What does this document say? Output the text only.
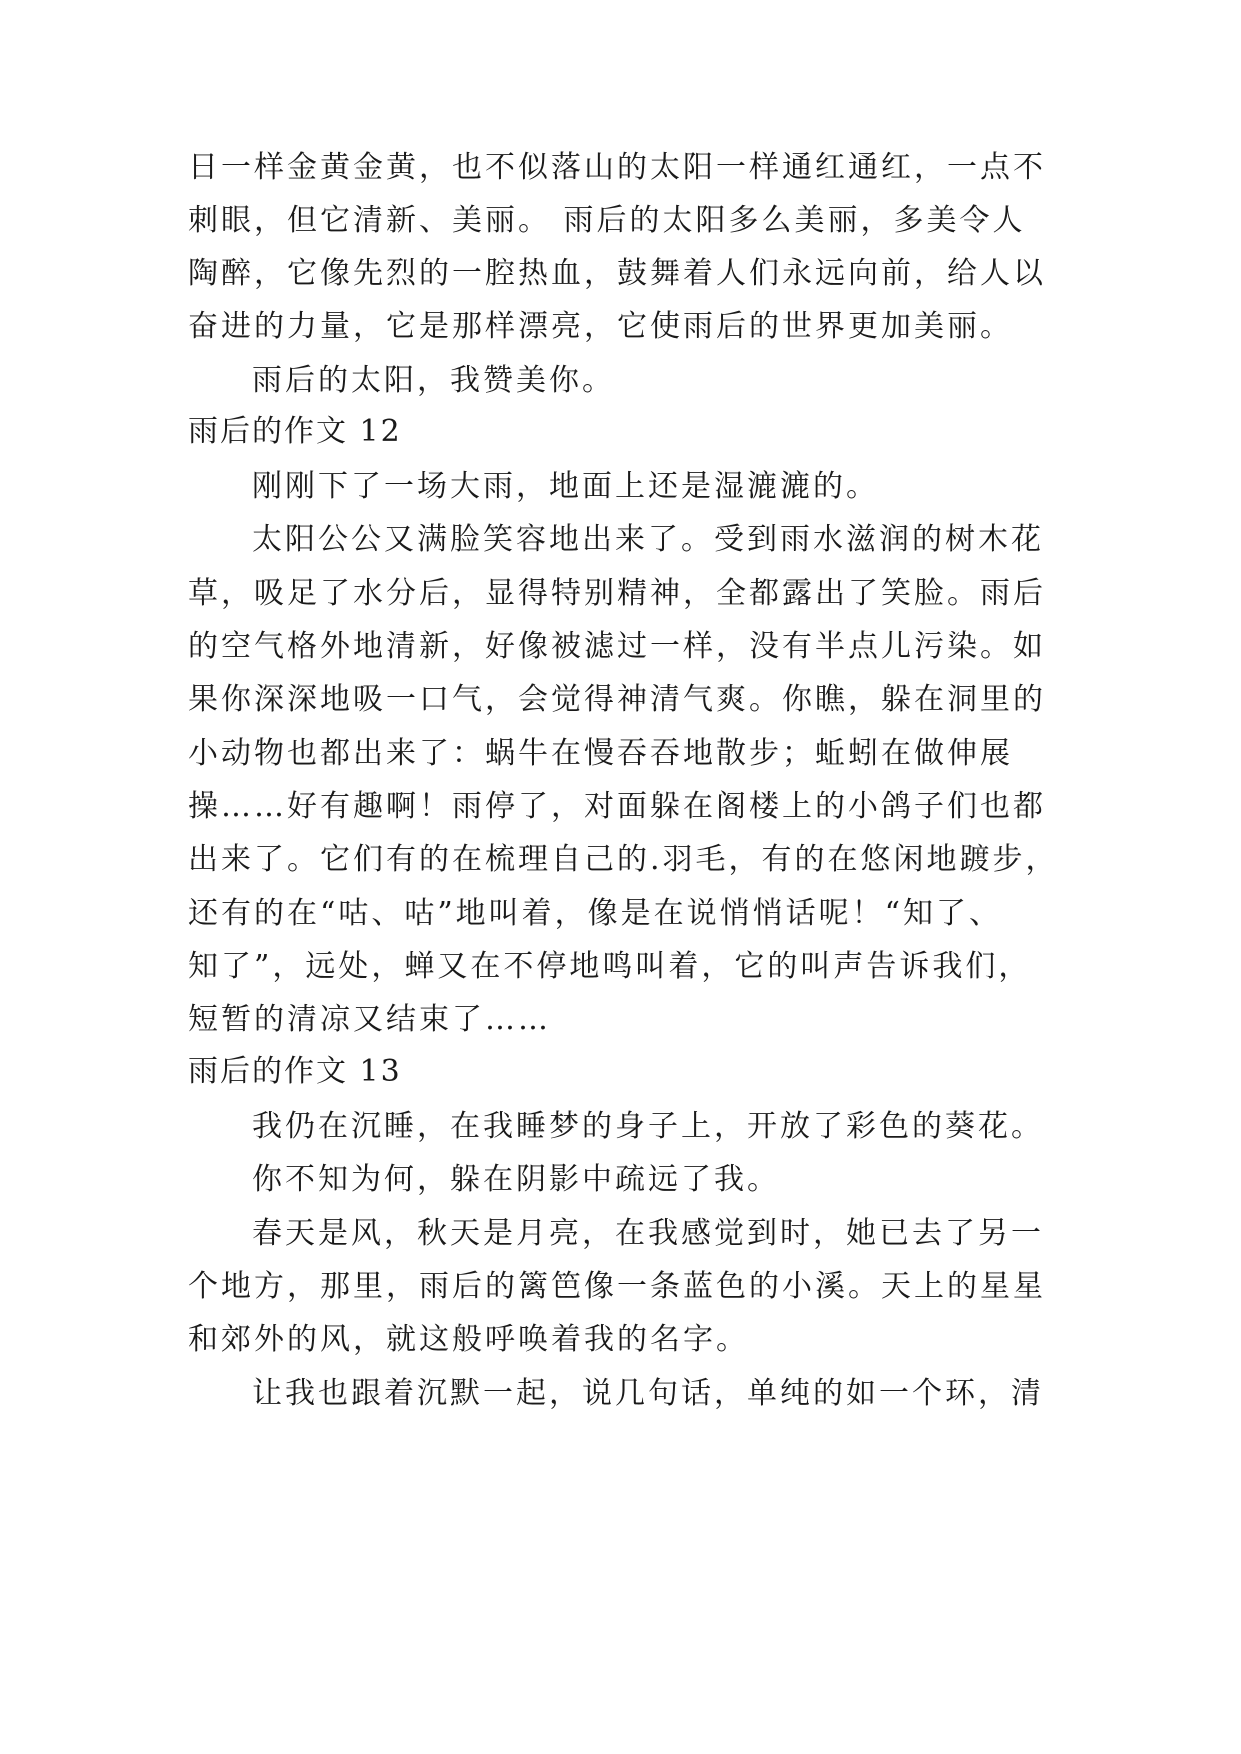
日一样金黄金黄，也不似落山的太阳一样通红通红，一点不
刺眼，但它清新、美丽。 雨后的太阳多么美丽，多美令人
陶醉，它像先烈的一腔热血，鼓舞着人们永远向前，给人以
奋进的力量，它是那样漂亮，它使雨后的世界更加美丽。
雨后的太阳，我赞美你。
雨后的作文 12
刚刚下了一场大雨，地面上还是湿漉漉的。
太阳公公又满脸笑容地出来了。受到雨水滋润的树木花
草，吸足了水分后，显得特别精神，全都露出了笑脸。雨后
的空气格外地清新，好像被滤过一样，没有半点儿污染。如
果你深深地吸一口气，会觉得神清气爽。你瞧，躲在洞里的
小动物也都出来了：蜗牛在慢吞吞地散步；蚯蚓在做伸展
操……好有趣啊！雨停了，对面躲在阁楼上的小鸽子们也都
出来了。它们有的在梳理自己的.羽毛，有的在悠闲地踱步，
还有的在“咕、咕”地叫着，像是在说悄悄话呢！“知了、
知了”，远处，蝉又在不停地鸣叫着，它的叫声告诉我们，
短暂的清凉又结束了……
雨后的作文 13
我仍在沉睡，在我睡梦的身子上，开放了彩色的葵花。
你不知为何，躲在阴影中疏远了我。
春天是风，秋天是月亮，在我感觉到时，她已去了另一
个地方，那里，雨后的篱笆像一条蓝色的小溪。天上的星星
和郊外的风，就这般呼唤着我的名字。
让我也跟着沉默一起，说几句话，单纯的如一个环，清
